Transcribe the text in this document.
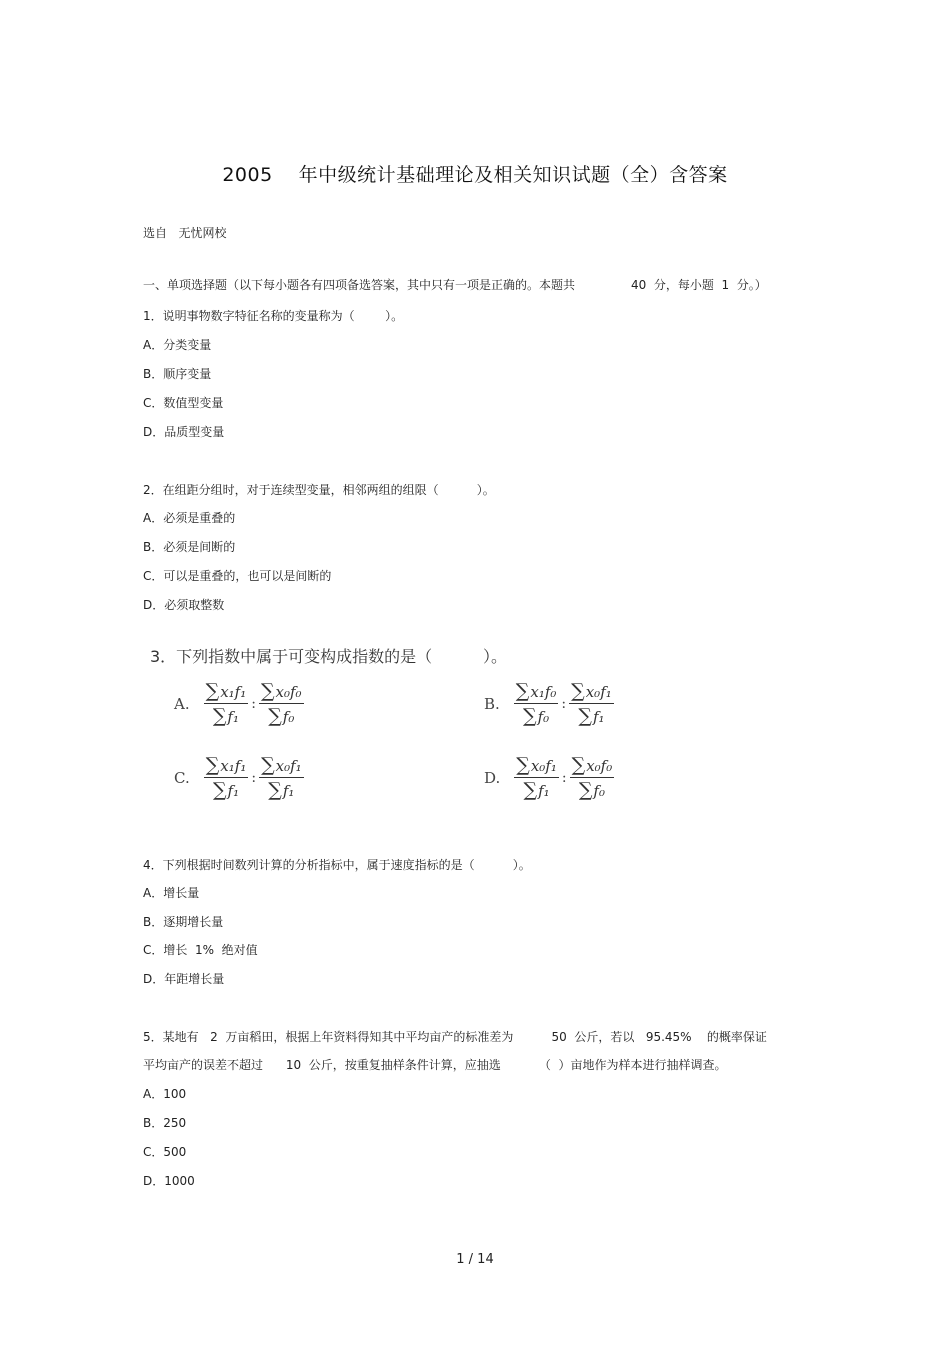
2005 年中级统计基础理论及相关知识试题（全）含答案
选自   无忧网校
一、单项选择题（以下每小题各有四项备选答案，其中只有一项是正确的。本题共	40  分，每小题  1  分。）
1．说明事物数字特征名称的变量称为（        ）。
A．分类变量
B．顺序变量
C．数值型变量
D．品质型变量
2．在组距分组时，对于连续型变量，相邻两组的组限（          ）。
A．必须是重叠的
B．必须是间断的
C．可以是重叠的，也可以是间断的
D．必须取整数
3．下列指数中属于可变构成指数的是（          ）。
A. $\frac{\text{∑x₁f₁}}{\text{∑f₁}}$ : $\frac{\text{∑x₀f₀}}{\text{∑f₀}}$	B. $\frac{\text{∑x₁f₀}}{\text{∑f₀}}$ : $\frac{\text{∑x₀f₁}}{\text{∑f₁}}$
C. $\frac{\text{∑x₁f₁}}{\text{∑f₁}}$ : $\frac{\text{∑x₀f₁}}{\text{∑f₁}}$	D. $\frac{\text{∑x₀f₁}}{\text{∑f₁}}$ : $\frac{\text{∑x₀f₀}}{\text{∑f₀}}$
4．下列根据时间数列计算的分析指标中，属于速度指标的是（          ）。
A．增长量
B．逐期增长量
C．增长  1%  绝对值
D．年距增长量
5．某地有   2  万亩稻田，根据上年资料得知其中平均亩产的标准差为          50  公斤，若以   95.45%    的概率保证
平均亩产的误差不超过      10  公斤，按重复抽样条件计算，应抽选          （  ）亩地作为样本进行抽样调查。
A．100
B．250
C．500
D．1000
1 / 14
